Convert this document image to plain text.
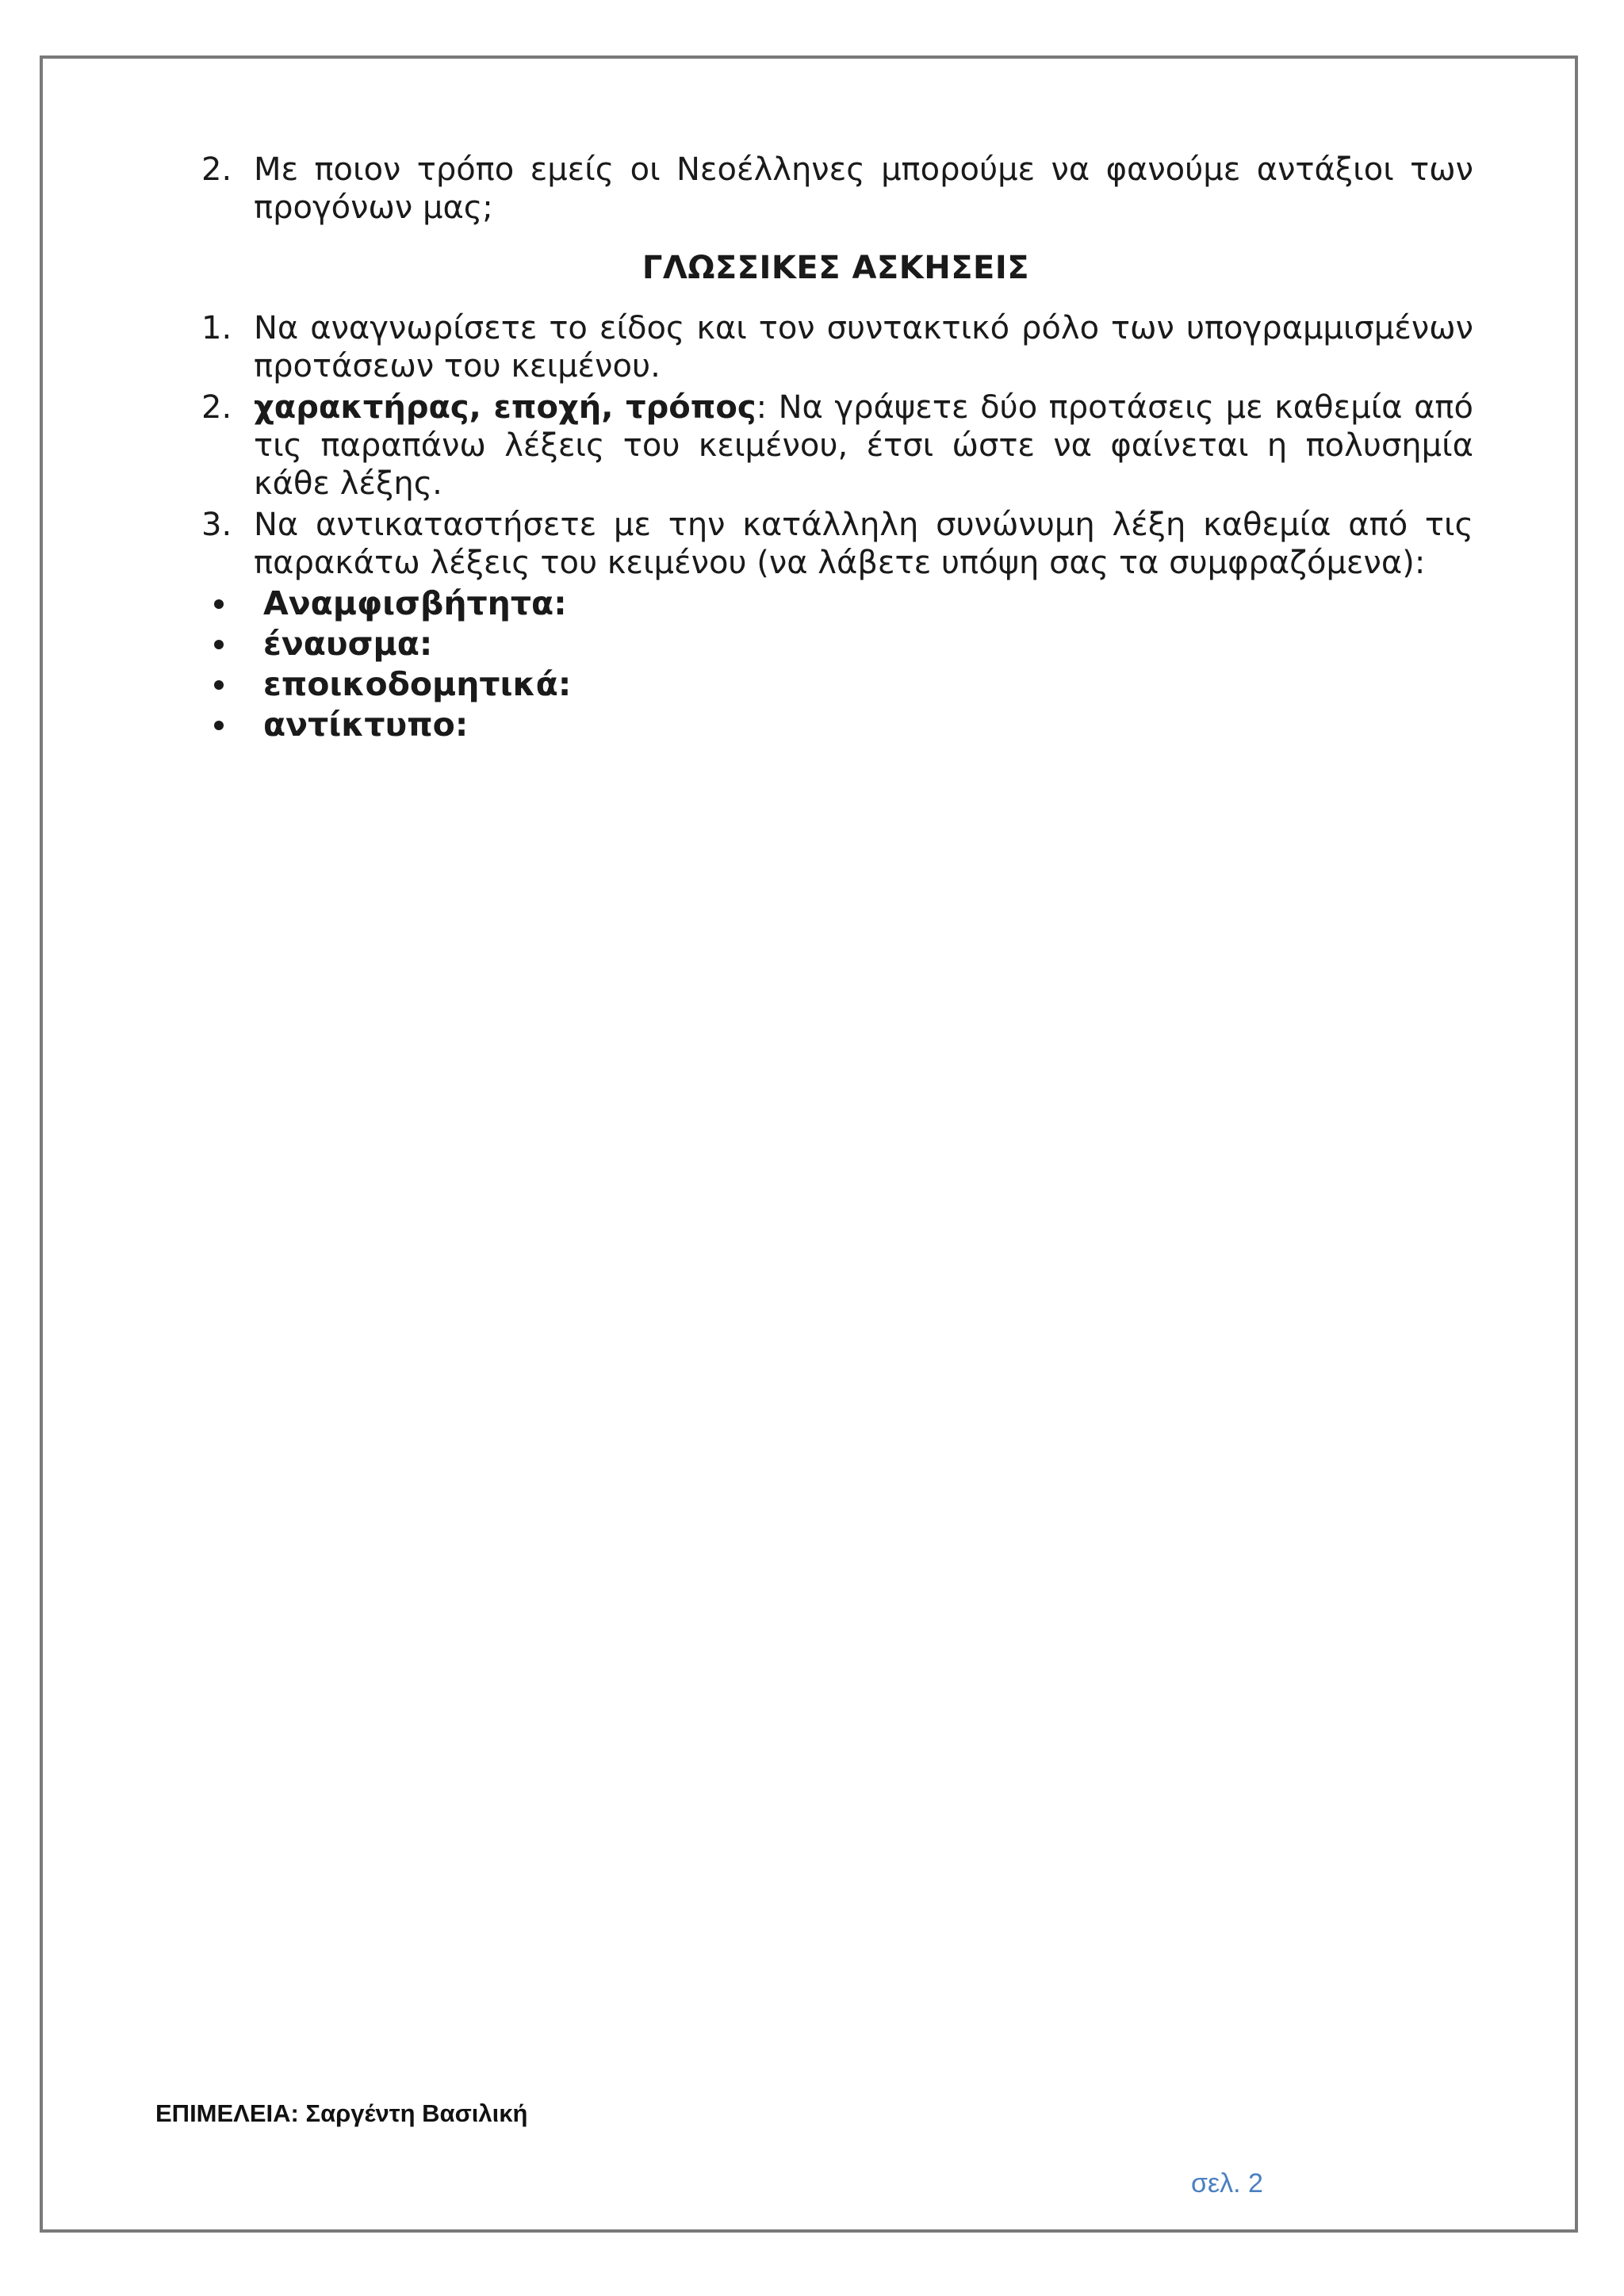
2. Με ποιον τρόπο εμείς οι Νεοέλληνες μπορούμε να φανούμε αντάξιοι των προγόνων μας;
ΓΛΩΣΣΙΚΕΣ ΑΣΚΗΣΕΙΣ
1. Να αναγνωρίσετε το είδος και τον συντακτικό ρόλο των υπογραμμισμένων προτάσεων του κειμένου.
2. χαρακτήρας, εποχή, τρόπος: Να γράψετε δύο προτάσεις με καθεμία από τις παραπάνω λέξεις του κειμένου, έτσι ώστε να φαίνεται η πολυσημία κάθε λέξης.
3. Να αντικαταστήσετε με την κατάλληλη συνώνυμη λέξη καθεμία από τις παρακάτω λέξεις του κειμένου (να λάβετε υπόψη σας τα συμφραζόμενα):
Αναμφισβήτητα:
έναυσμα:
εποικοδομητικά:
αντίκτυπο:
ΕΠΙΜΕΛΕΙΑ: Σαργέντη Βασιλική
σελ. 2
